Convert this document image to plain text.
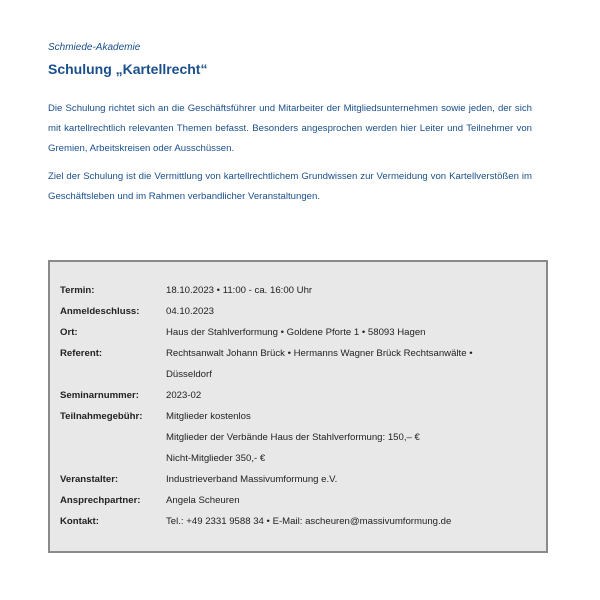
Schmiede-Akademie
Schulung „Kartellrecht“

Die Schulung richtet sich an die Geschäftsführer und Mitarbeiter der Mitgliedsunternehmen sowie jeden, der sich mit kartellrechtlich relevanten Themen befasst. Besonders angesprochen werden hier Leiter und Teilnehmer von Gremien, Arbeitskreisen oder Ausschüssen.

Ziel der Schulung ist die Vermittlung von kartellrechtlichem Grundwissen zur Vermeidung von Kartellverstößen im Geschäftsleben und im Rahmen verbandlicher Veranstaltungen.

Termin:	18.10.2023 • 11:00 - ca. 16:00 Uhr
Anmeldeschluss:	04.10.2023
Ort:	Haus der Stahlverformung • Goldene Pforte 1 • 58093 Hagen
Referent:	Rechtsanwalt Johann Brück • Hermanns Wagner Brück Rechtsanwälte •
Düsseldorf
Seminarnummer:	2023-02
Teilnahmegebühr:	Mitglieder kostenlos
Mitglieder der Verbände Haus der Stahlverformung: 150,– €
Nicht-Mitglieder 350,- €
Veranstalter:	Industrieverband Massivumformung e.V.
Ansprechpartner:	Angela Scheuren
Kontakt:	Tel.: +49 2331 9588 34 • E-Mail: ascheuren@massivumformung.de
